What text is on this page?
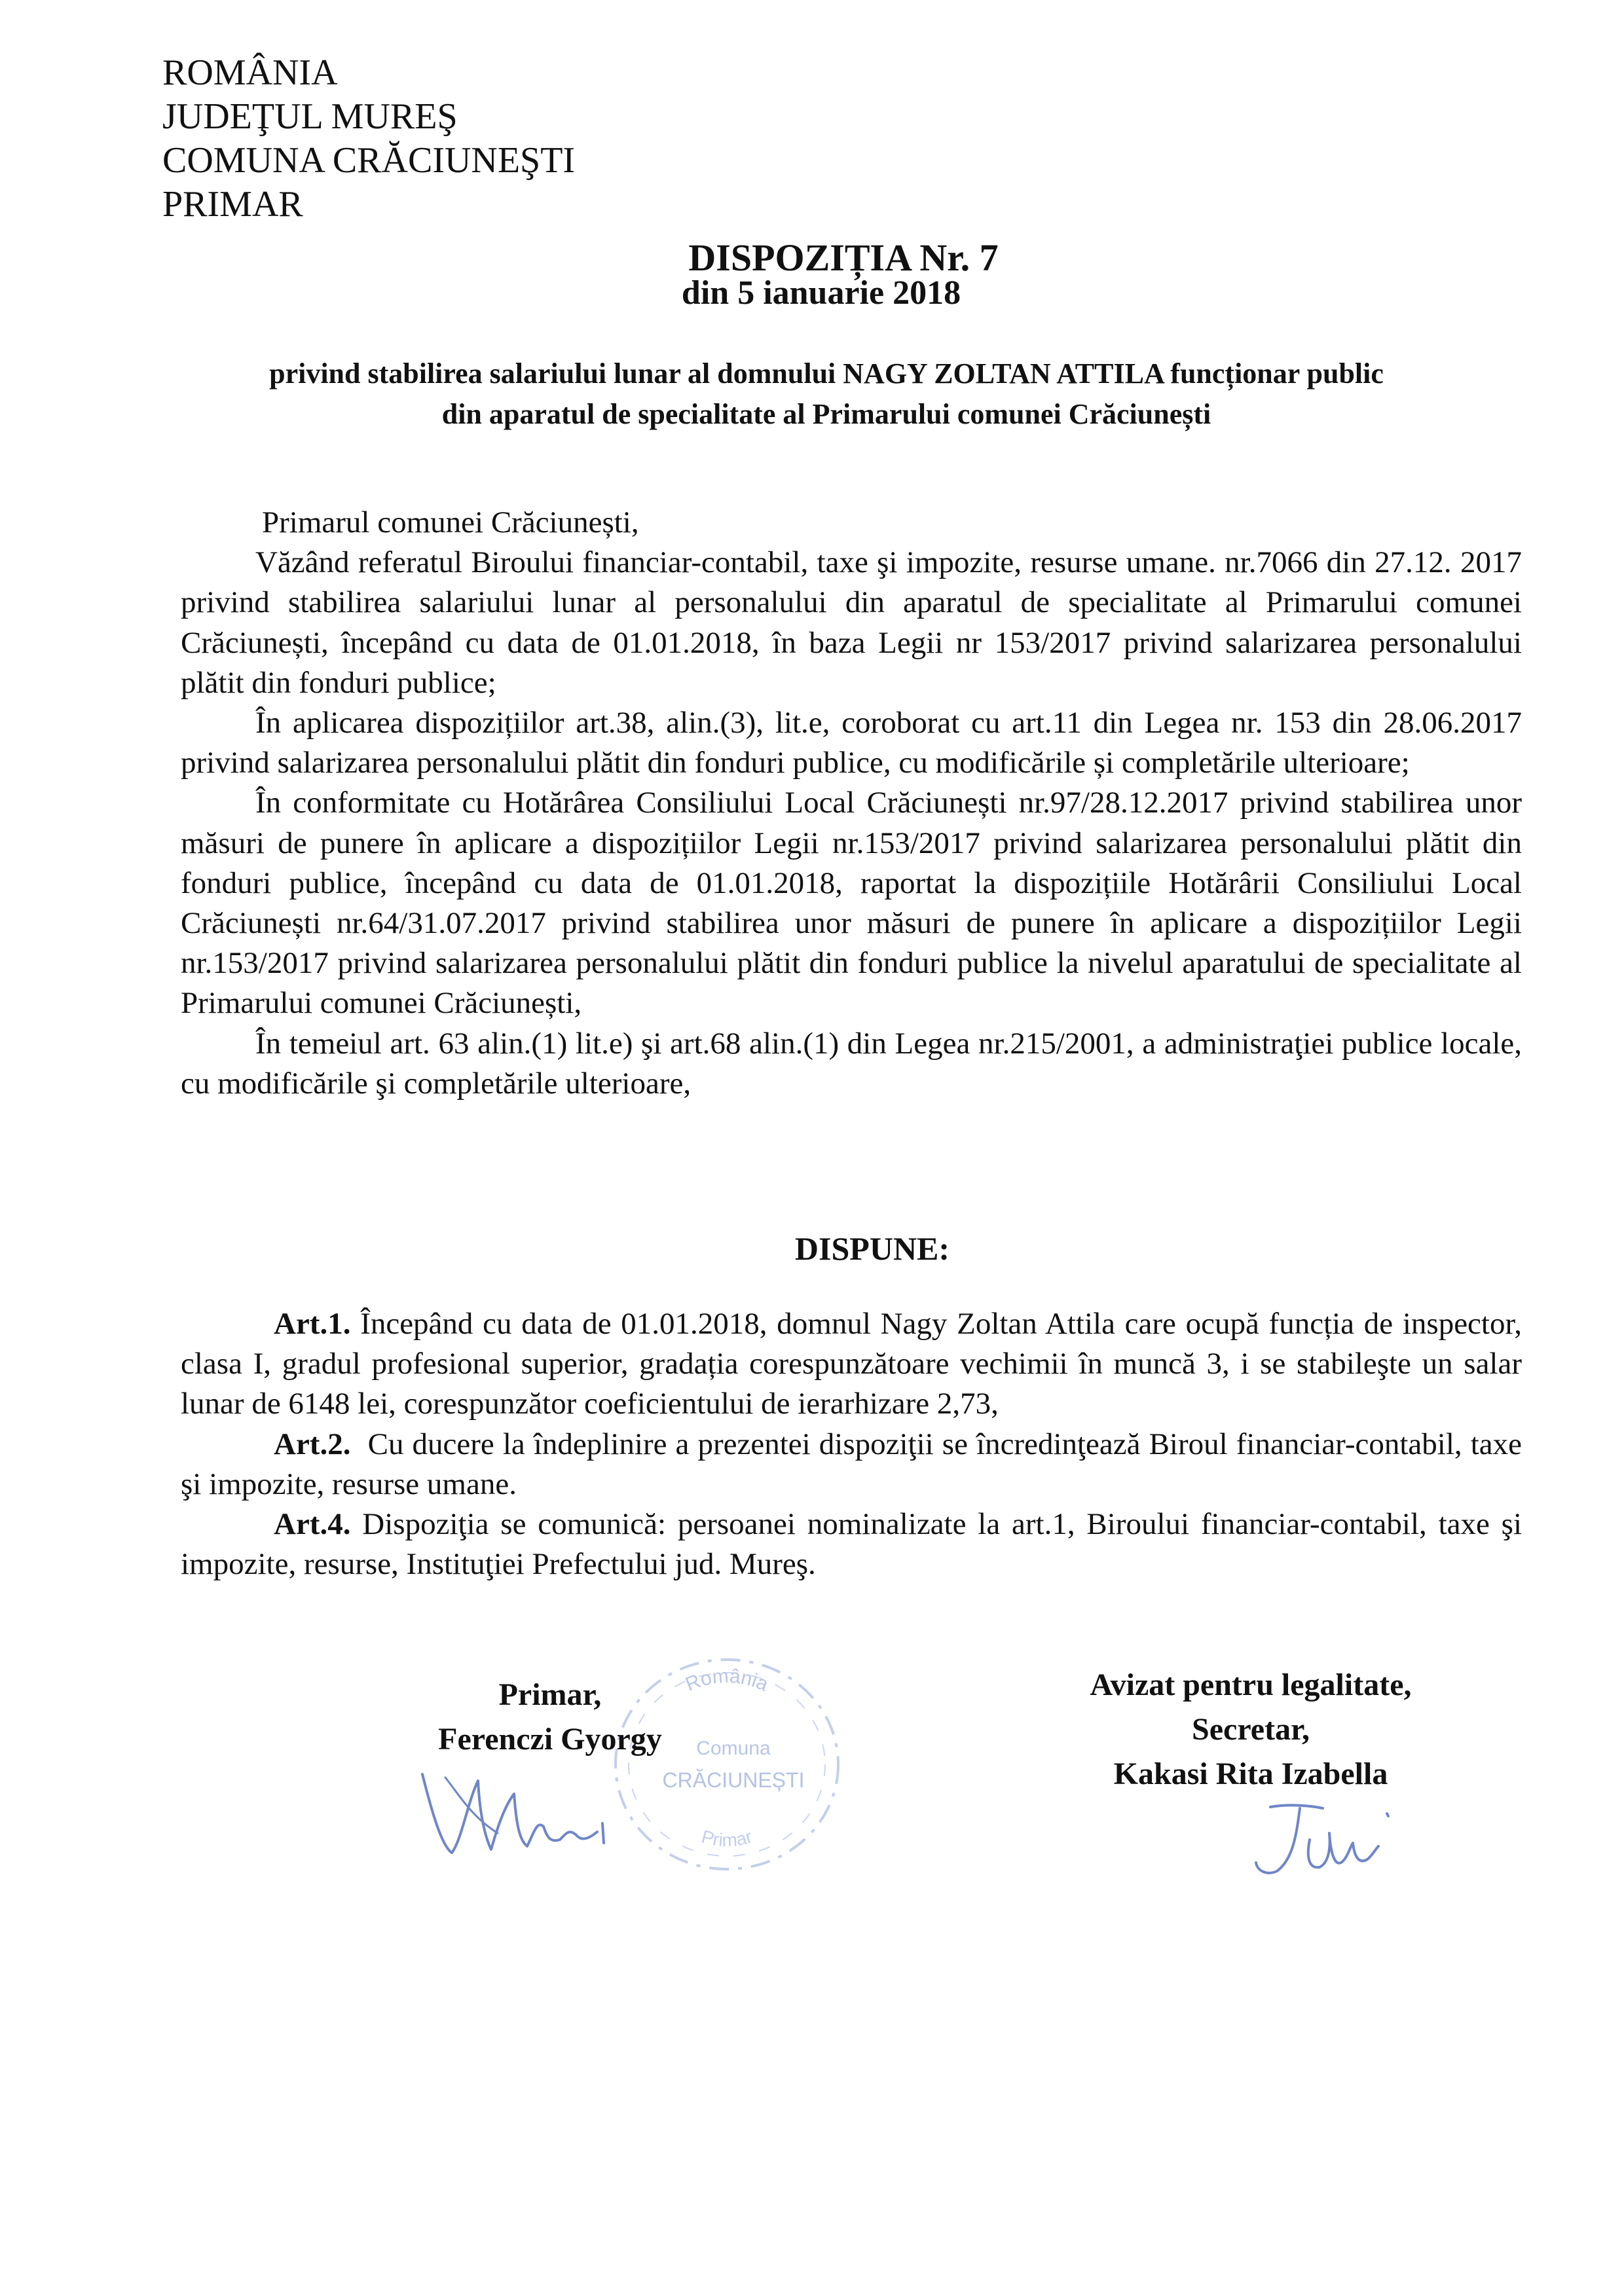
ROMÂNIA
JUDEŢUL MUREŞ
COMUNA CRĂCIUNEŞTI
PRIMAR
DISPOZIȚIA Nr. 7
din 5 ianuarie 2018
privind stabilirea salariului lunar al domnului NAGY ZOLTAN ATTILA funcționar public
din aparatul de specialitate al Primarului comunei Crăciunești

Primarul comunei Crăciunești,

Văzând referatul Biroului financiar-contabil, taxe şi impozite, resurse umane. nr.7066 din 27.12. 2017 privind stabilirea salariului lunar al personalului din aparatul de specialitate al Primarului comunei Crăciunești, începând cu data de 01.01.2018, în baza Legii nr 153/2017 privind salarizarea personalului plătit din fonduri publice;

În aplicarea dispozițiilor art.38, alin.(3), lit.e, coroborat cu art.11 din Legea nr. 153 din 28.06.2017 privind salarizarea personalului plătit din fonduri publice, cu modificările și completările ulterioare;

În conformitate cu Hotărârea Consiliului Local Crăciunești nr.97/28.12.2017 privind stabilirea unor măsuri de punere în aplicare a dispozițiilor Legii nr.153/2017 privind salarizarea personalului plătit din fonduri publice, începând cu data de 01.01.2018, raportat la dispozițiile Hotărârii Consiliului Local Crăciunești nr.64/31.07.2017 privind stabilirea unor măsuri de punere în aplicare a dispozițiilor Legii nr.153/2017 privind salarizarea personalului plătit din fonduri publice la nivelul aparatului de specialitate al Primarului comunei Crăciunești,

În temeiul art. 63 alin.(1) lit.e) şi art.68 alin.(1) din Legea nr.215/2001, a administraţiei publice locale, cu modificările şi completările ulterioare,

DISPUNE:

Art.1. Începând cu data de 01.01.2018, domnul Nagy Zoltan Attila care ocupă funcția de inspector, clasa I, gradul profesional superior, gradația corespunzătoare vechimii în muncă 3, i se stabileşte un salar lunar de 6148 lei, corespunzător coeficientului de ierarhizare 2,73,

Art.2. Cu ducere la îndeplinire a prezentei dispoziţii se încredinţează Biroul financiar-contabil, taxe şi impozite, resurse umane.

Art.4. Dispoziţia se comunică: persoanei nominalizate la art.1, Biroului financiar-contabil, taxe şi impozite, resurse, Instituţiei Prefectului jud. Mureş.

România
Comuna
CRĂCIUNEȘTI
Primar
Primar,
Ferenczi Gyorgy
Avizat pentru legalitate,
Secretar,
Kakasi Rita Izabella
